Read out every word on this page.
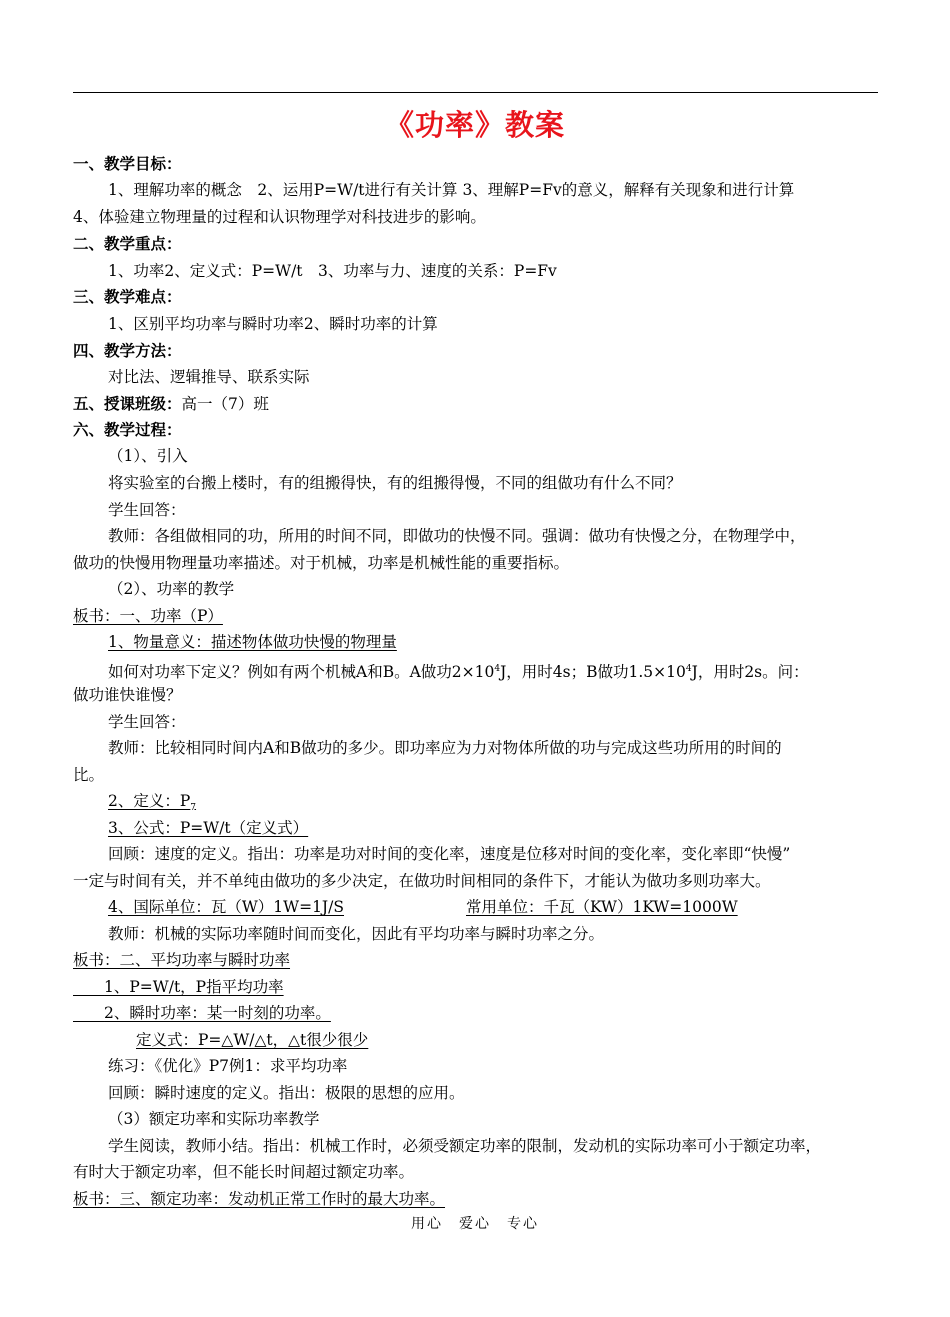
《功率》教案
一、教学目标：
1、理解功率的概念　2、运用P=W/t进行有关计算 3、理解P=Fv的意义，解释有关现象和进行计算
4、体验建立物理量的过程和认识物理学对科技进步的影响。
二、教学重点：
1、功率2、定义式：P=W/t　3、功率与力、速度的关系：P=Fv
三、教学难点：
1、区别平均功率与瞬时功率2、瞬时功率的计算
四、教学方法：
对比法、逻辑推导、联系实际
五、授课班级：高一（7）班
六、教学过程：
（1）、引入
将实验室的台搬上楼时，有的组搬得快，有的组搬得慢，不同的组做功有什么不同？
学生回答：
教师：各组做相同的功，所用的时间不同，即做功的快慢不同。强调：做功有快慢之分，在物理学中，
做功的快慢用物理量功率描述。对于机械，功率是机械性能的重要指标。
（2）、功率的教学
板书：一、功率（P）
1、物量意义：描述物体做功快慢的物理量
如何对功率下定义？例如有两个机械A和B。A做功$2\times 10^4J$，用时4s；B做功$1.5\times 10^4J$，用时2s。问：
做功谁快谁慢？
学生回答：
教师：比较相同时间内A和B做功的多少。即功率应为力对物体所做的功与完成这些功所用的时间的
比。
2、定义：$P_7$
3、公式：P=W/t（定义式）
回顾：速度的定义。指出：功率是功对时间的变化率，速度是位移对时间的变化率，变化率即“快慢”
一定与时间有关，并不单纯由做功的多少决定，在做功时间相同的条件下，才能认为做功多则功率大。
4、国际单位：瓦（W）1W=1J/S	常用单位：千瓦（KW）1KW=1000W
教师：机械的实际功率随时间而变化，因此有平均功率与瞬时功率之分。
板书：二、平均功率与瞬时功率
　　1、P=W/t，P指平均功率
　　2、瞬时功率：某一时刻的功率。
定义式：P=△W/△t，△t很少很少
练习：《优化》P7例1：求平均功率
回顾：瞬时速度的定义。指出：极限的思想的应用。
（3）额定功率和实际功率教学
学生阅读，教师小结。指出：机械工作时，必须受额定功率的限制，发动机的实际功率可小于额定功率，
有时大于额定功率，但不能长时间超过额定功率。
板书：三、额定功率：发动机正常工作时的最大功率。
用心　爱心　专心
